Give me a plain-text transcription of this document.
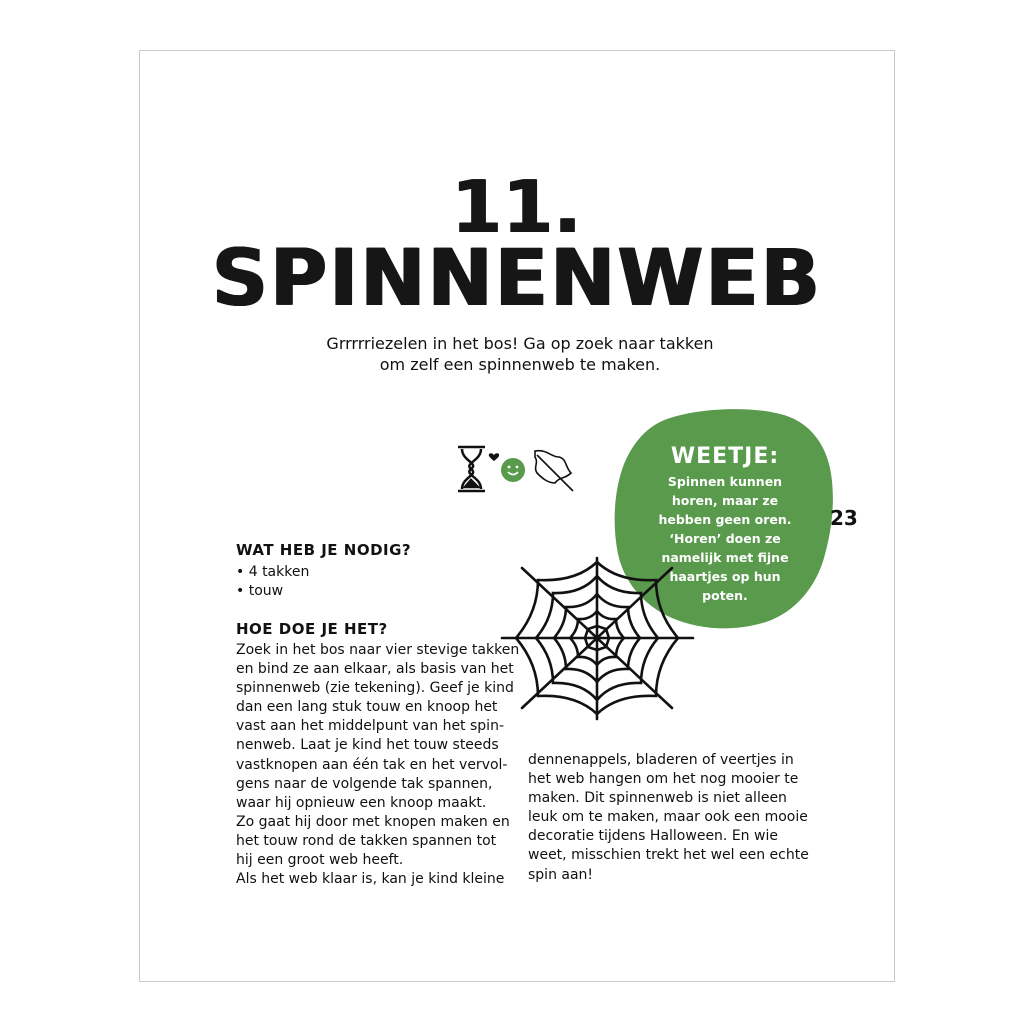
11.
SPINNENWEB
Grrrrriezelen in het bos! Ga op zoek naar takken
om zelf een spinnenweb te maken.
WEETJE:
Spinnen kunnen
horen, maar ze
hebben geen oren.
‘Horen’ doen ze
namelijk met fijne
haartjes op hun
poten.
23
WAT HEB JE NODIG?
• 4 takken
• touw
HOE DOE JE HET?
Zoek in het bos naar vier stevige takken
en bind ze aan elkaar, als basis van het
spinnenweb (zie tekening). Geef je kind
dan een lang stuk touw en knoop het
vast aan het middelpunt van het spin-
nenweb. Laat je kind het touw steeds
vastknopen aan één tak en het vervol-
gens naar de volgende tak spannen,
waar hij opnieuw een knoop maakt.
Zo gaat hij door met knopen maken en
het touw rond de takken spannen tot
hij een groot web heeft.
Als het web klaar is, kan je kind kleine
dennenappels, bladeren of veertjes in
het web hangen om het nog mooier te
maken. Dit spinnenweb is niet alleen
leuk om te maken, maar ook een mooie
decoratie tijdens Halloween. En wie
weet, misschien trekt het wel een echte
spin aan!
